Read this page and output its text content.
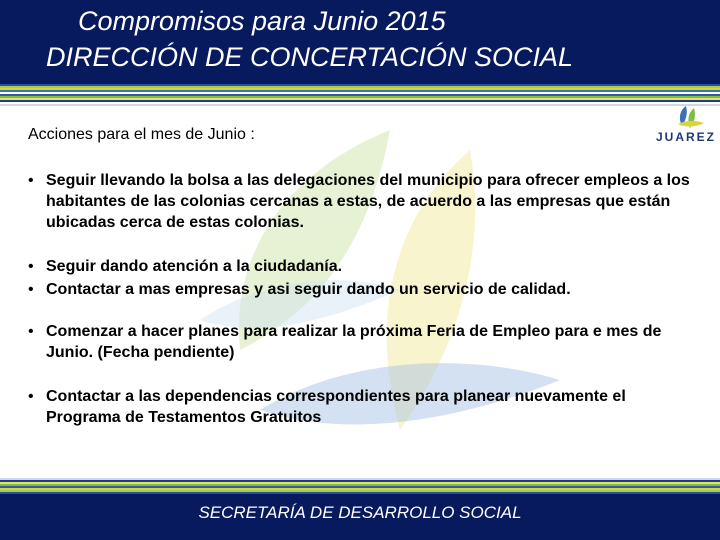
Compromisos para Junio 2015
DIRECCIÓN DE CONCERTACIÓN SOCIAL
JUAREZ
Acciones para el mes de Junio :
• Seguir llevando la bolsa a las delegaciones del municipio para ofrecer empleos a los habitantes de las colonias cercanas a estas, de acuerdo a las empresas que están ubicadas cerca de estas colonias.
• Seguir dando atención a la ciudadanía.
• Contactar a mas empresas y asi seguir dando un servicio de calidad.
• Comenzar a hacer planes para realizar la próxima Feria de Empleo para e mes de Junio. (Fecha pendiente)
• Contactar a las dependencias correspondientes para planear nuevamente el Programa de Testamentos Gratuitos
SECRETARÍA DE DESARROLLO SOCIAL
